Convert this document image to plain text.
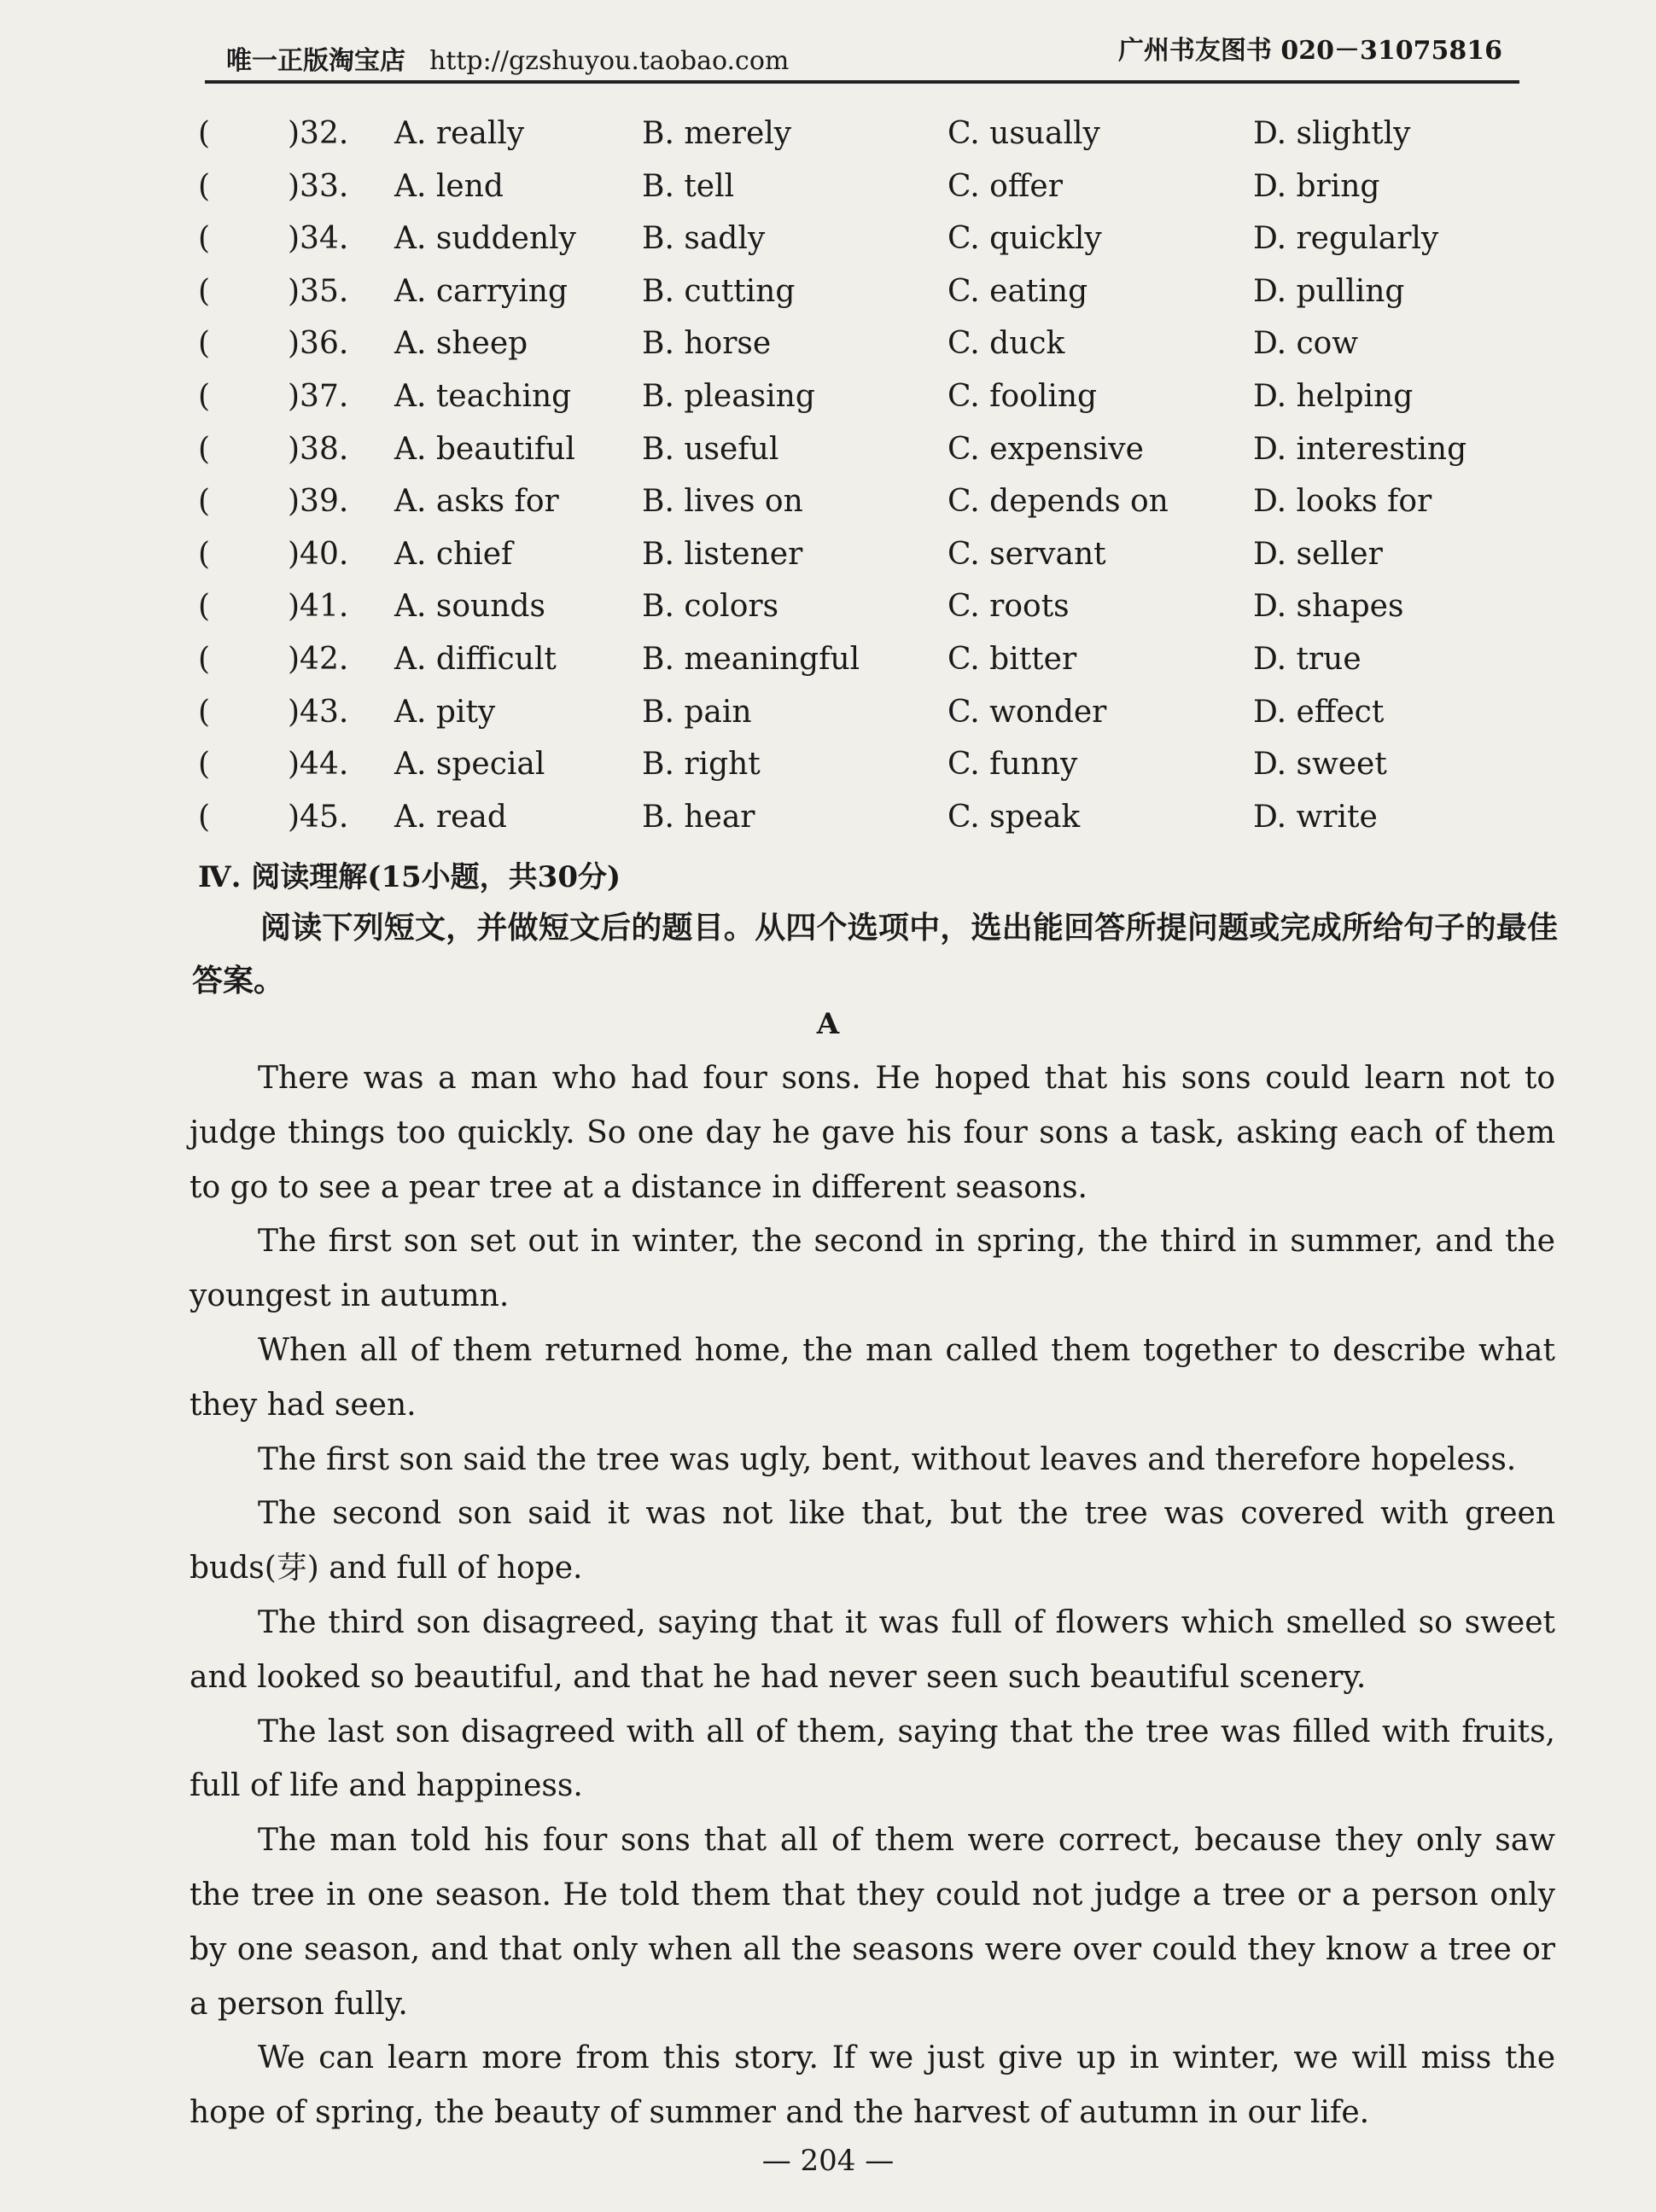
唯一正版淘宝店 http://gzshuyou.taobao.com	广州书友图书 020－31075816
(	)32. A. really	B. merely	C. usually	D. slightly
(	)33. A. lend	B. tell	C. offer	D. bring
(	)34. A. suddenly B. sadly	C. quickly	D. regularly
(	)35. A. carrying B. cutting	C. eating	D. pulling
(	)36. A. sheep	B. horse	C. duck	D. cow
(	)37. A. teaching B. pleasing	C. fooling	D. helping
(	)38. A. beautiful B. useful	C. expensive	D. interesting
(	)39. A. asks for	B. lives on	C. depends on	D. looks for
(	)40. A. chief	B. listener	C. servant	D. seller
(	)41. A. sounds	B. colors	C. roots	D. shapes
(	)42. A. difficult	B. meaningful	C. bitter	D. true
(	)43. A. pity	B. pain	C. wonder	D. effect
(	)44. A. special	B. right	C. funny	D. sweet
(	)45. A. read	B. hear	C. speak	D. write
Ⅳ. 阅读理解(15小题，共30分)
阅读下列短文，并做短文后的题目。从四个选项中，选出能回答所提问题或完成所给句子的最佳答案。
A

There was a man who had four sons. He hoped that his sons could learn not to judge things too quickly. So one day he gave his four sons a task, asking each of them to go to see a pear tree at a distance in different seasons.

The first son set out in winter, the second in spring, the third in summer, and the youngest in autumn.

When all of them returned home, the man called them together to describe what they had seen.

The first son said the tree was ugly, bent, without leaves and therefore hopeless.

The second son said it was not like that, but the tree was covered with green buds(芽) and full of hope.

The third son disagreed, saying that it was full of flowers which smelled so sweet and looked so beautiful, and that he had never seen such beautiful scenery.

The last son disagreed with all of them, saying that the tree was filled with fruits, full of life and happiness.

The man told his four sons that all of them were correct, because they only saw the tree in one season. He told them that they could not judge a tree or a person only by one season, and that only when all the seasons were over could they know a tree or a person fully.

We can learn more from this story. If we just give up in winter, we will miss the hope of spring, the beauty of summer and the harvest of autumn in our life.

— 204 —
